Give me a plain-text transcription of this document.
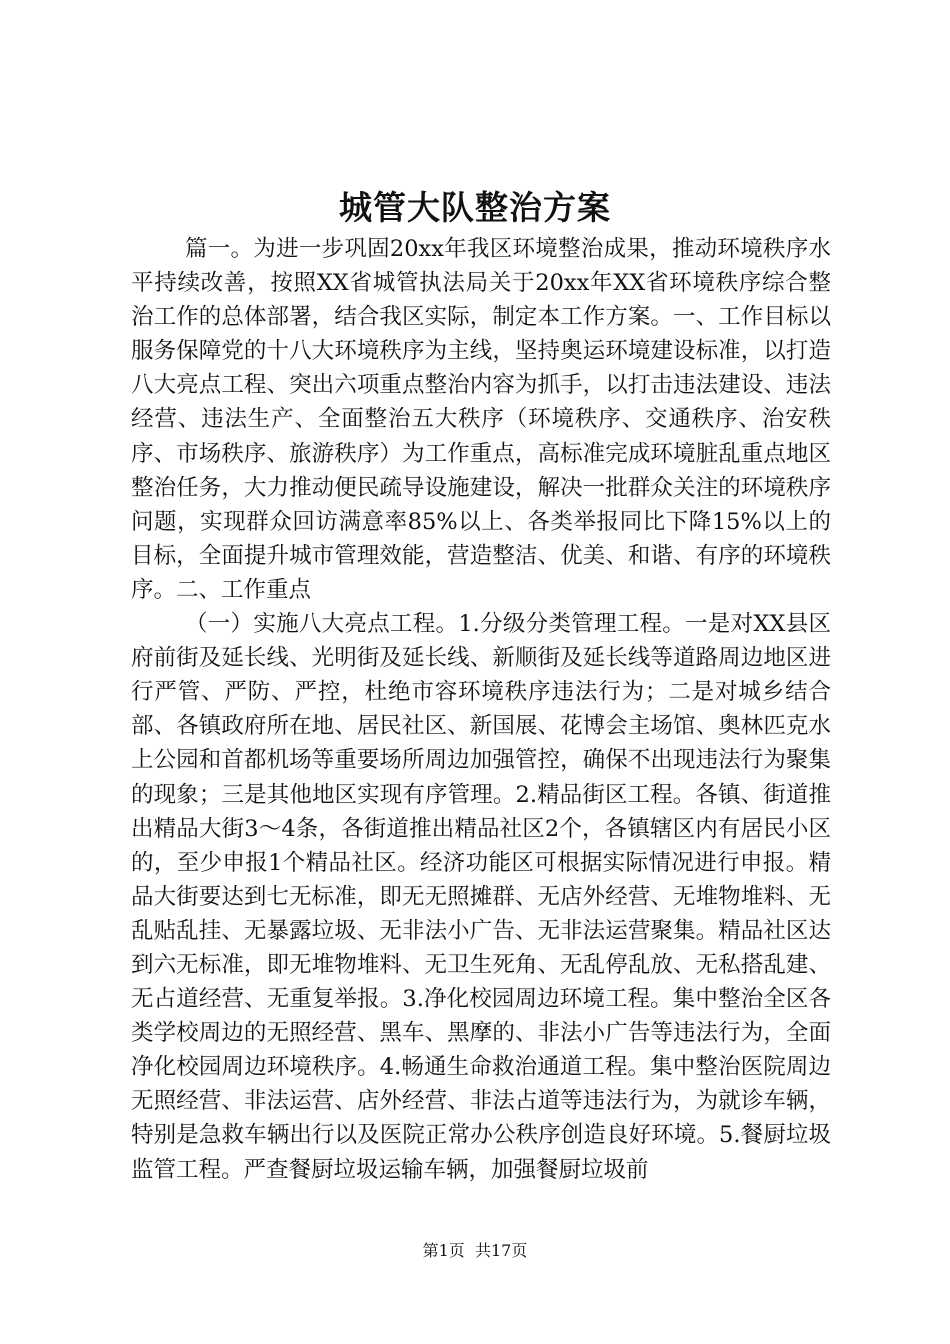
城管大队整治方案

篇一。为进一步巩固20xx年我区环境整治成果，推动环境秩序水平持续改善，按照XX省城管执法局关于20xx年XX省环境秩序综合整治工作的总体部署，结合我区实际，制定本工作方案。一、工作目标以服务保障党的十八大环境秩序为主线，坚持奥运环境建设标准，以打造八大亮点工程、突出六项重点整治内容为抓手，以打击违法建设、违法经营、违法生产、全面整治五大秩序（环境秩序、交通秩序、治安秩序、市场秩序、旅游秩序）为工作重点，高标准完成环境脏乱重点地区整治任务，大力推动便民疏导设施建设，解决一批群众关注的环境秩序问题，实现群众回访满意率85%以上、各类举报同比下降15%以上的目标，全面提升城市管理效能，营造整洁、优美、和谐、有序的环境秩序。二、工作重点

（一）实施八大亮点工程。1.分级分类管理工程。一是对XX县区府前街及延长线、光明街及延长线、新顺街及延长线等道路周边地区进行严管、严防、严控，杜绝市容环境秩序违法行为；二是对城乡结合部、各镇政府所在地、居民社区、新国展、花博会主场馆、奥林匹克水上公园和首都机场等重要场所周边加强管控，确保不出现违法行为聚集的现象；三是其他地区实现有序管理。2.精品街区工程。各镇、街道推出精品大街3～4条，各街道推出精品社区2个，各镇辖区内有居民小区的，至少申报1个精品社区。经济功能区可根据实际情况进行申报。精品大街要达到七无标准，即无无照摊群、无店外经营、无堆物堆料、无乱贴乱挂、无暴露垃圾、无非法小广告、无非法运营聚集。精品社区达到六无标准，即无堆物堆料、无卫生死角、无乱停乱放、无私搭乱建、无占道经营、无重复举报。3.净化校园周边环境工程。集中整治全区各类学校周边的无照经营、黑车、黑摩的、非法小广告等违法行为，全面净化校园周边环境秩序。4.畅通生命救治通道工程。集中整治医院周边无照经营、非法运营、店外经营、非法占道等违法行为，为就诊车辆，特别是急救车辆出行以及医院正常办公秩序创造良好环境。5.餐厨垃圾监管工程。严查餐厨垃圾运输车辆，加强餐厨垃圾前

第1页 共17页
